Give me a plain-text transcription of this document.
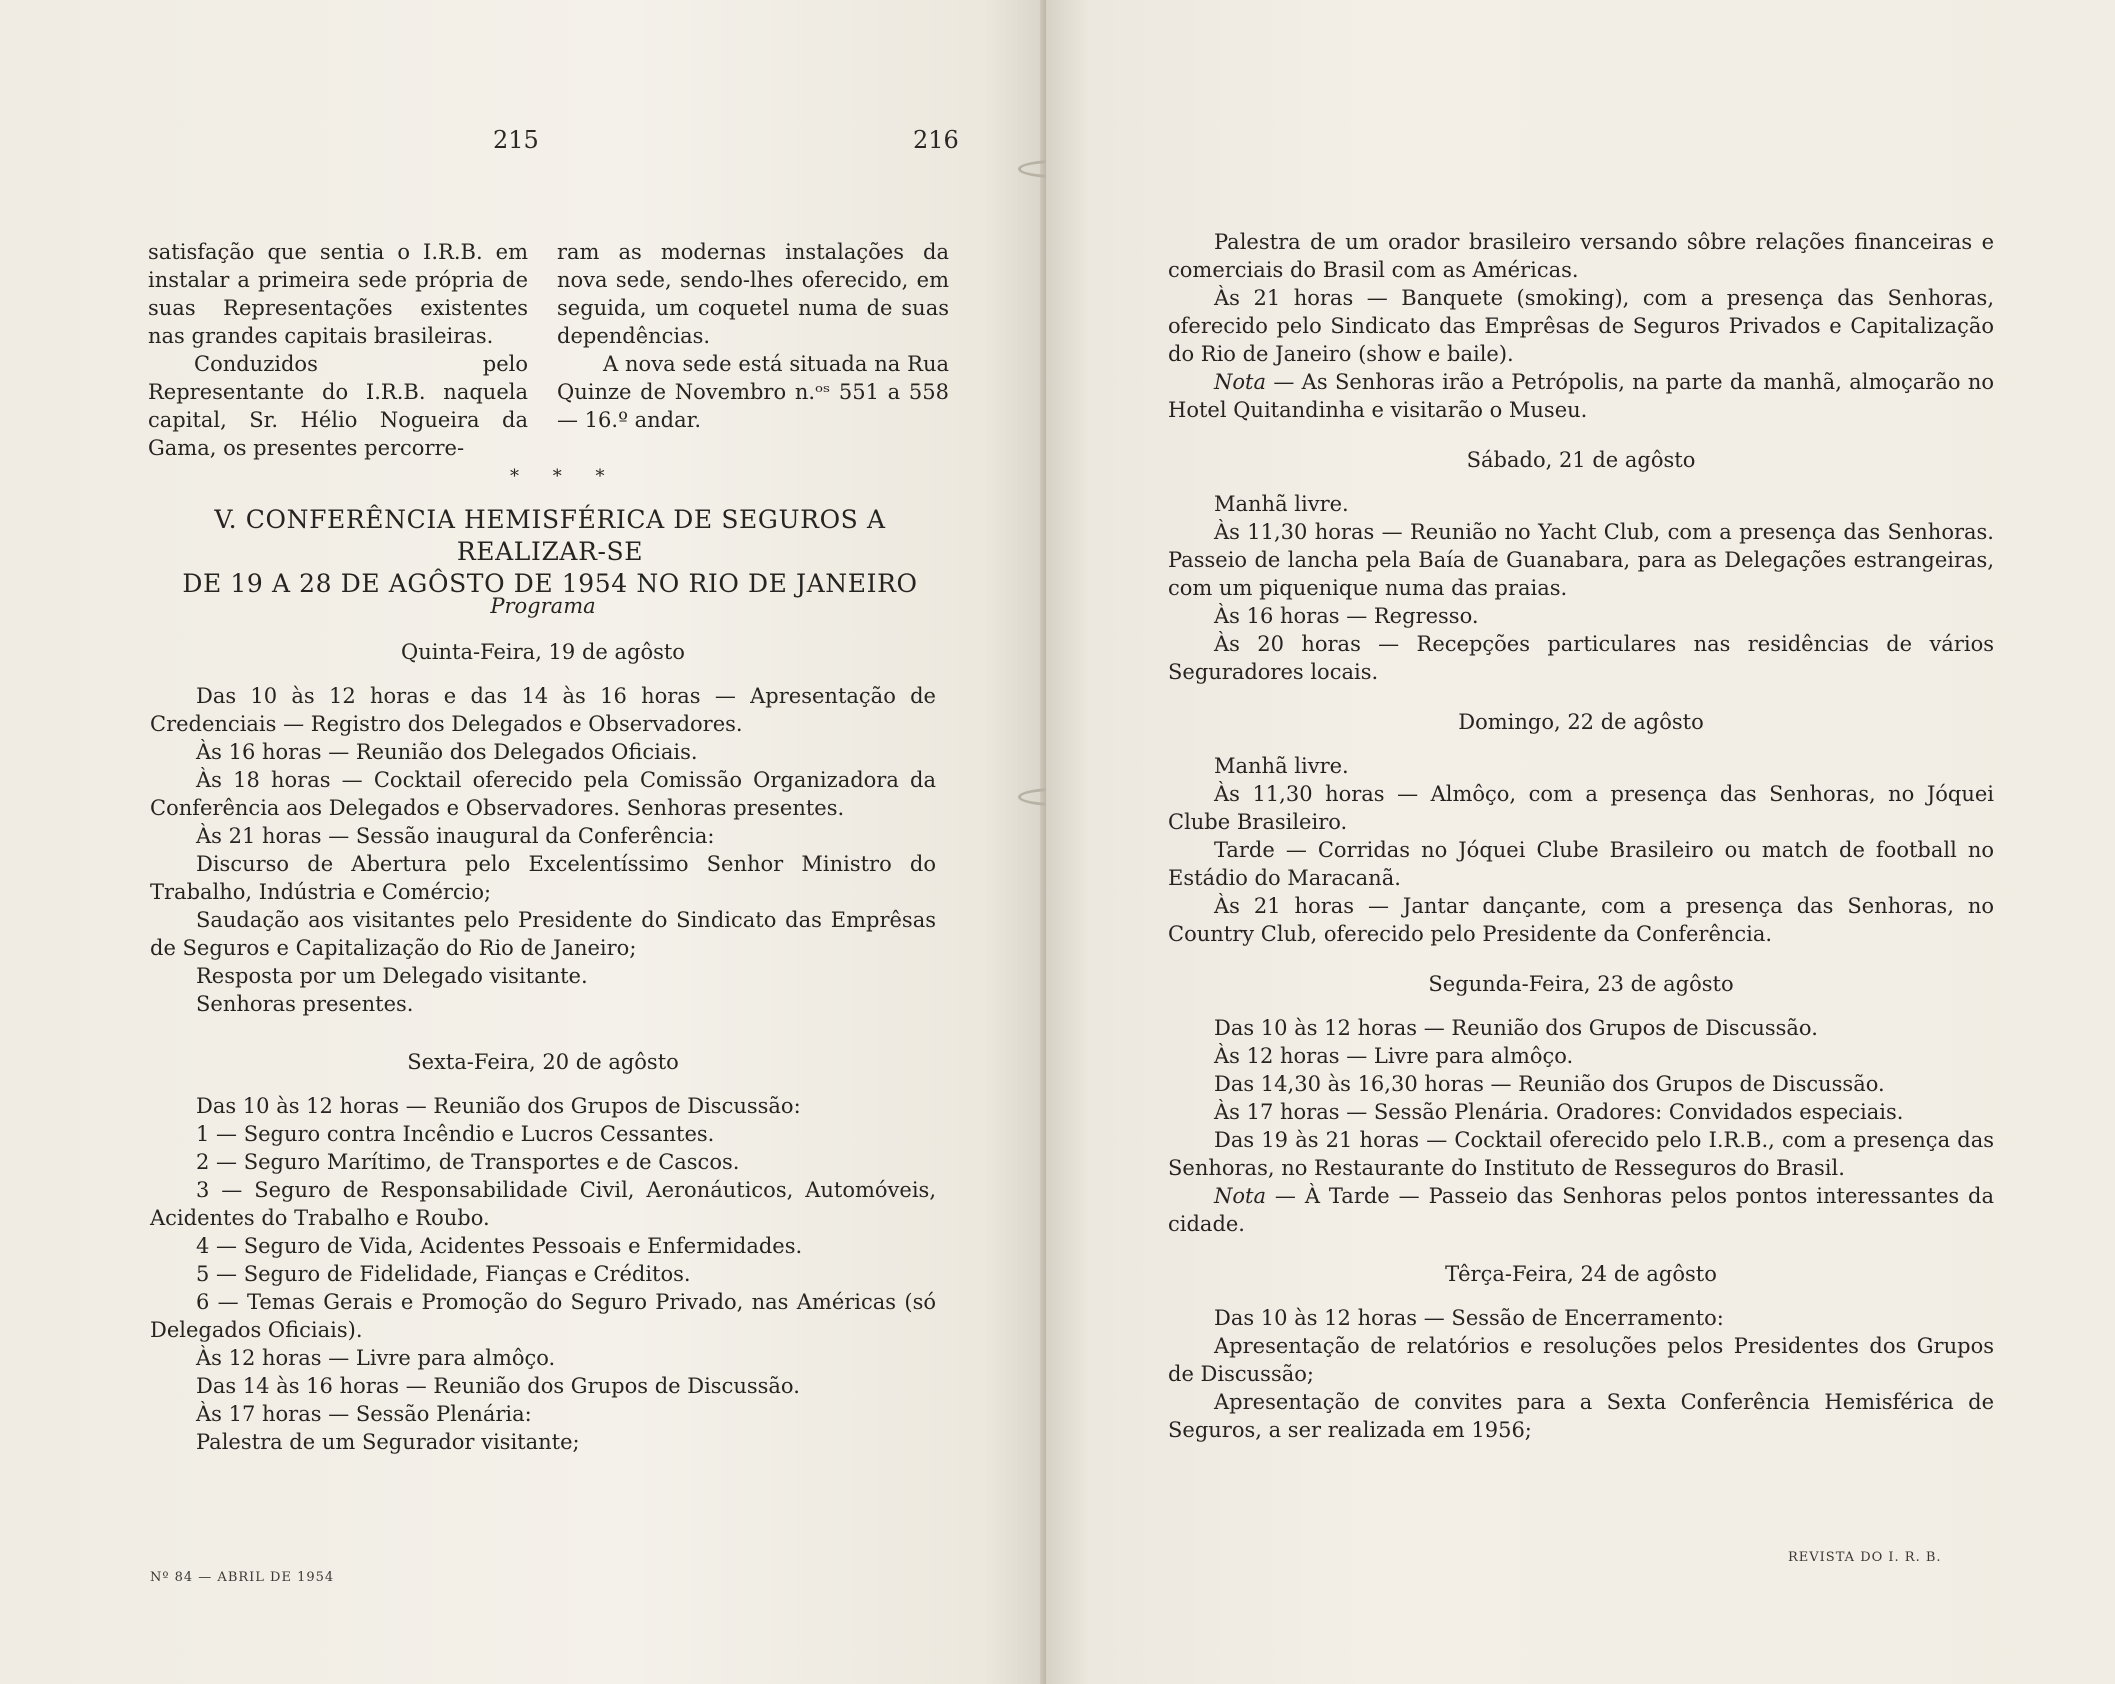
215	216

satisfação que sentia o I.R.B. em instalar a primeira sede própria de suas Representações existentes nas grandes capitais brasileiras.

Conduzidos pelo Representante do I.R.B. naquela capital, Sr. Hélio Nogueira da Gama, os presentes percorre-

ram as modernas instalações da nova sede, sendo-lhes oferecido, em seguida, um coquetel numa de suas dependências.

A nova sede está situada na Rua Quinze de Novembro n.ᵒˢ 551 a 558 — 16.º andar.

* * *
V. CONFERÊNCIA HEMISFÉRICA DE SEGUROS A REALIZAR-SE
DE 19 A 28 DE AGÔSTO DE 1954 NO RIO DE JANEIRO

Programa

Quinta-Feira, 19 de agôsto

Das 10 às 12 horas e das 14 às 16 horas — Apresentação de Credenciais — Registro dos Delegados e Observadores.

Às 16 horas — Reunião dos Delegados Oficiais.

Às 18 horas — Cocktail oferecido pela Comissão Organizadora da Conferência aos Delegados e Observadores. Senhoras presentes.

Às 21 horas — Sessão inaugural da Conferência:

Discurso de Abertura pelo Excelentíssimo Senhor Ministro do Trabalho, Indústria e Comércio;

Saudação aos visitantes pelo Presidente do Sindicato das Emprêsas de Seguros e Capitalização do Rio de Janeiro;

Resposta por um Delegado visitante.

Senhoras presentes.

Sexta-Feira, 20 de agôsto

Das 10 às 12 horas — Reunião dos Grupos de Discussão:

1 — Seguro contra Incêndio e Lucros Cessantes.

2 — Seguro Marítimo, de Transportes e de Cascos.

3 — Seguro de Responsabilidade Civil, Aeronáuticos, Automóveis, Acidentes do Trabalho e Roubo.

4 — Seguro de Vida, Acidentes Pessoais e Enfermidades.

5 — Seguro de Fidelidade, Fianças e Créditos.

6 — Temas Gerais e Promoção do Seguro Privado, nas Américas (só Delegados Oficiais).

Às 12 horas — Livre para almôço.

Das 14 às 16 horas — Reunião dos Grupos de Discussão.

Às 17 horas — Sessão Plenária:

Palestra de um Segurador visitante;

Nº 84 — ABRIL DE 1954

Palestra de um orador brasileiro versando sôbre relações financeiras e comerciais do Brasil com as Américas.

Às 21 horas — Banquete (smoking), com a presença das Senhoras, oferecido pelo Sindicato das Emprêsas de Seguros Privados e Capitalização do Rio de Janeiro (show e baile).

Nota — As Senhoras irão a Petrópolis, na parte da manhã, almoçarão no Hotel Quitandinha e visitarão o Museu.

Sábado, 21 de agôsto

Manhã livre.

Às 11,30 horas — Reunião no Yacht Club, com a presença das Senhoras. Passeio de lancha pela Baía de Guanabara, para as Delegações estrangeiras, com um piquenique numa das praias.

Às 16 horas — Regresso.

Às 20 horas — Recepções particulares nas residências de vários Seguradores locais.

Domingo, 22 de agôsto

Manhã livre.

Às 11,30 horas — Almôço, com a presença das Senhoras, no Jóquei Clube Brasileiro.

Tarde — Corridas no Jóquei Clube Brasileiro ou match de football no Estádio do Maracanã.

Às 21 horas — Jantar dançante, com a presença das Senhoras, no Country Club, oferecido pelo Presidente da Conferência.

Segunda-Feira, 23 de agôsto

Das 10 às 12 horas — Reunião dos Grupos de Discussão.

Às 12 horas — Livre para almôço.

Das 14,30 às 16,30 horas — Reunião dos Grupos de Discussão.

Às 17 horas — Sessão Plenária. Oradores: Convidados especiais.

Das 19 às 21 horas — Cocktail oferecido pelo I.R.B., com a presença das Senhoras, no Restaurante do Instituto de Resseguros do Brasil.

Nota — À Tarde — Passeio das Senhoras pelos pontos interessantes da cidade.

Têrça-Feira, 24 de agôsto

Das 10 às 12 horas — Sessão de Encerramento:

Apresentação de relatórios e resoluções pelos Presidentes dos Grupos de Discussão;

Apresentação de convites para a Sexta Conferência Hemisférica de Seguros, a ser realizada em 1956;

REVISTA DO I. R. B.
